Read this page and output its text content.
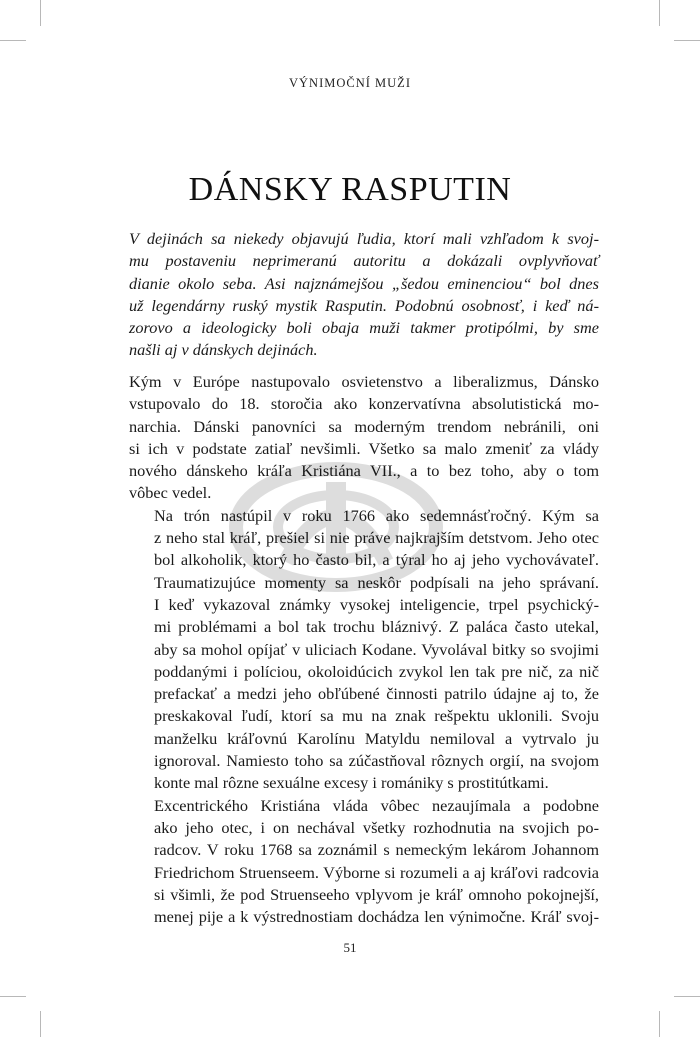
VÝNIMOČNÍ MUŽI
DÁNSKY RASPUTIN
V dejinách sa niekedy objavujú ľudia, ktorí mali vzhľadom k svoj-
mu postaveniu neprimeranú autoritu a dokázali ovplyvňovať
dianie okolo seba. Asi najznámejšou „šedou eminenciou“ bol dnes
už legendárny ruský mystik Rasputin. Podobnú osobnosť, i keď ná-
zorovo a ideologicky boli obaja muži takmer protipólmi, by sme
našli aj v dánskych dejinách.

Kým v Európe nastupovalo osvietenstvo a liberalizmus, Dánsko
vstupovalo do 18. storočia ako konzervatívna absolutistická mo-
narchia. Dánski panovníci sa moderným trendom nebránili, oni
si ich v podstate zatiaľ nevšimli. Všetko sa malo zmeniť za vlády
nového dánskeho kráľa Kristiána VII., a to bez toho, aby o tom
vôbec vedel.

Na trón nastúpil v roku 1766 ako sedemnásťročný. Kým sa
z neho stal kráľ, prešiel si nie práve najkrajším detstvom. Jeho otec
bol alkoholik, ktorý ho často bil, a týral ho aj jeho vychovávateľ.
Traumatizujúce momenty sa neskôr podpísali na jeho správaní.
I keď vykazoval známky vysokej inteligencie, trpel psychický-
mi problémami a bol tak trochu bláznivý. Z paláca často utekal,
aby sa mohol opíjať v uliciach Kodane. Vyvolával bitky so svojimi
poddanými i políciou, okoloidúcich zvykol len tak pre nič, za nič
prefackať a medzi jeho obľúbené činnosti patrilo údajne aj to, že
preskakoval ľudí, ktorí sa mu na znak rešpektu uklonili. Svoju
manželku kráľovnú Karolínu Matyldu nemiloval a vytrvalo ju
ignoroval. Namiesto toho sa zúčastňoval rôznych orgií, na svojom
konte mal rôzne sexuálne excesy i romániky s prostitútkami.

Excentrického Kristiána vláda vôbec nezaujímala a podobne
ako jeho otec, i on nechával všetky rozhodnutia na svojich po-
radcov. V roku 1768 sa zoznámil s nemeckým lekárom Johannom
Friedrichom Struenseem. Výborne si rozumeli a aj kráľovi radcovia
si všimli, že pod Struenseeho vplyvom je kráľ omnoho pokojnejší,
menej pije a k výstrednostiam dochádza len výnimočne. Kráľ svoj-

51
